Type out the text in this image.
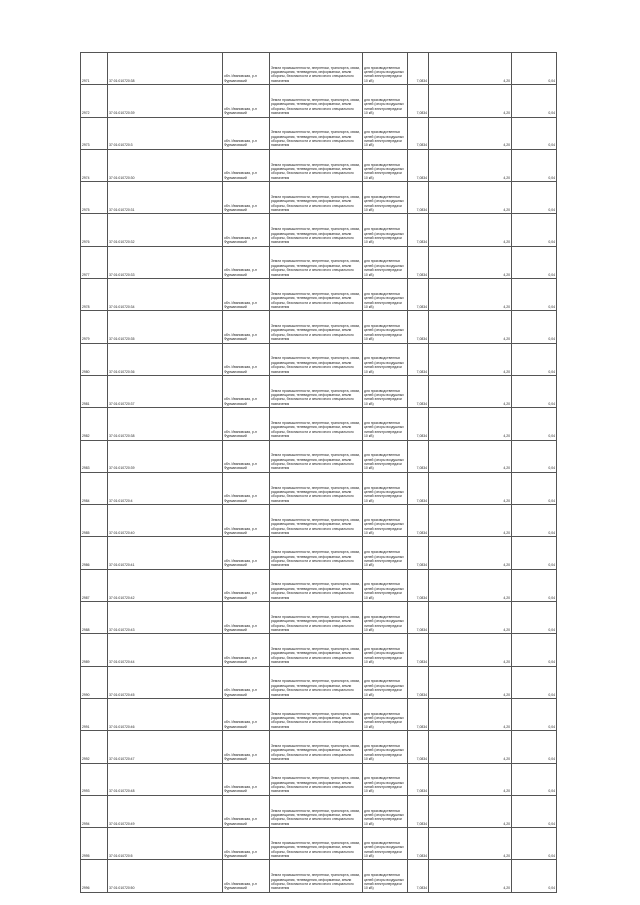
2971	37:01:010720:38	обл. Ивановская, р-н Фурмановский	Земли промышленности, энергетики, транспорта, связи, радиовещания, телевидения, информатики, земли обороны, безопасности и земли иного специального назначения	для производственных целей (опоры воздушных линий электропередачи 10 кВ)	7,0834	4,20	0,04

2972	37:01:010720:39	обл. Ивановская, р-н Фурмановский	Земли промышленности, энергетики, транспорта, связи, радиовещания, телевидения, информатики, земли обороны, безопасности и земли иного специального назначения	для производственных целей (опоры воздушных линий электропередачи 10 кВ)	7,0834	4,20	0,04

2973	37:01:010720:3	обл. Ивановская, р-н Фурмановский	Земли промышленности, энергетики, транспорта, связи, радиовещания, телевидения, информатики, земли обороны, безопасности и земли иного специального назначения	для производственных целей (опоры воздушных линий электропередачи 10 кВ)	7,0834	4,20	0,04

2974	37:01:010720:30	обл. Ивановская, р-н Фурмановский	Земли промышленности, энергетики, транспорта, связи, радиовещания, телевидения, информатики, земли обороны, безопасности и земли иного специального назначения	для производственных целей (опоры воздушных линий электропередачи 10 кВ)	7,0834	4,20	0,04

2975	37:01:010720:31	обл. Ивановская, р-н Фурмановский	Земли промышленности, энергетики, транспорта, связи, радиовещания, телевидения, информатики, земли обороны, безопасности и земли иного специального назначения	для производственных целей (опоры воздушных линий электропередачи 10 кВ)	7,0834	4,20	0,04

2976	37:01:010720:32	обл. Ивановская, р-н Фурмановский	Земли промышленности, энергетики, транспорта, связи, радиовещания, телевидения, информатики, земли обороны, безопасности и земли иного специального назначения	для производственных целей (опоры воздушных линий электропередачи 10 кВ)	7,0834	4,20	0,04

2977	37:01:010720:33	обл. Ивановская, р-н Фурмановский	Земли промышленности, энергетики, транспорта, связи, радиовещания, телевидения, информатики, земли обороны, безопасности и земли иного специального назначения	для производственных целей (опоры воздушных линий электропередачи 10 кВ)	7,0834	4,20	0,04

2978	37:01:010720:34	обл. Ивановская, р-н Фурмановский	Земли промышленности, энергетики, транспорта, связи, радиовещания, телевидения, информатики, земли обороны, безопасности и земли иного специального назначения	для производственных целей (опоры воздушных линий электропередачи 10 кВ)	7,0834	4,20	0,04

2979	37:01:010720:35	обл. Ивановская, р-н Фурмановский	Земли промышленности, энергетики, транспорта, связи, радиовещания, телевидения, информатики, земли обороны, безопасности и земли иного специального назначения	для производственных целей (опоры воздушных линий электропередачи 10 кВ)	7,0834	4,20	0,04

2980	37:01:010720:36	обл. Ивановская, р-н Фурмановский	Земли промышленности, энергетики, транспорта, связи, радиовещания, телевидения, информатики, земли обороны, безопасности и земли иного специального назначения	для производственных целей (опоры воздушных линий электропередачи 10 кВ)	7,0834	4,20	0,04

2981	37:01:010720:37	обл. Ивановская, р-н Фурмановский	Земли промышленности, энергетики, транспорта, связи, радиовещания, телевидения, информатики, земли обороны, безопасности и земли иного специального назначения	для производственных целей (опоры воздушных линий электропередачи 10 кВ)	7,0834	4,20	0,04

2982	37:01:010720:38	обл. Ивановская, р-н Фурмановский	Земли промышленности, энергетики, транспорта, связи, радиовещания, телевидения, информатики, земли обороны, безопасности и земли иного специального назначения	для производственных целей (опоры воздушных линий электропередачи 10 кВ)	7,0834	4,20	0,04

2983	37:01:010720:39	обл. Ивановская, р-н Фурмановский	Земли промышленности, энергетики, транспорта, связи, радиовещания, телевидения, информатики, земли обороны, безопасности и земли иного специального назначения	для производственных целей (опоры воздушных линий электропередачи 10 кВ)	7,0834	4,20	0,04

2984	37:01:010720:4	обл. Ивановская, р-н Фурмановский	Земли промышленности, энергетики, транспорта, связи, радиовещания, телевидения, информатики, земли обороны, безопасности и земли иного специального назначения	для производственных целей (опоры воздушных линий электропередачи 10 кВ)	7,0834	4,20	0,04

2985	37:01:010720:40	обл. Ивановская, р-н Фурмановский	Земли промышленности, энергетики, транспорта, связи, радиовещания, телевидения, информатики, земли обороны, безопасности и земли иного специального назначения	для производственных целей (опоры воздушных линий электропередачи 10 кВ)	7,0834	4,20	0,04

2986	37:01:010720:41	обл. Ивановская, р-н Фурмановский	Земли промышленности, энергетики, транспорта, связи, радиовещания, телевидения, информатики, земли обороны, безопасности и земли иного специального назначения	для производственных целей (опоры воздушных линий электропередачи 10 кВ)	7,0834	4,20	0,04

2987	37:01:010720:42	обл. Ивановская, р-н Фурмановский	Земли промышленности, энергетики, транспорта, связи, радиовещания, телевидения, информатики, земли обороны, безопасности и земли иного специального назначения	для производственных целей (опоры воздушных линий электропередачи 10 кВ)	7,0834	4,20	0,04

2988	37:01:010720:43	обл. Ивановская, р-н Фурмановский	Земли промышленности, энергетики, транспорта, связи, радиовещания, телевидения, информатики, земли обороны, безопасности и земли иного специального назначения	для производственных целей (опоры воздушных линий электропередачи 10 кВ)	7,0834	4,20	0,04

2989	37:01:010720:44	обл. Ивановская, р-н Фурмановский	Земли промышленности, энергетики, транспорта, связи, радиовещания, телевидения, информатики, земли обороны, безопасности и земли иного специального назначения	для производственных целей (опоры воздушных линий электропередачи 10 кВ)	7,0834	4,20	0,04

2990	37:01:010720:45	обл. Ивановская, р-н Фурмановский	Земли промышленности, энергетики, транспорта, связи, радиовещания, телевидения, информатики, земли обороны, безопасности и земли иного специального назначения	для производственных целей (опоры воздушных линий электропередачи 10 кВ)	7,0834	4,20	0,04

2991	37:01:010720:46	обл. Ивановская, р-н Фурмановский	Земли промышленности, энергетики, транспорта, связи, радиовещания, телевидения, информатики, земли обороны, безопасности и земли иного специального назначения	для производственных целей (опоры воздушных линий электропередачи 10 кВ)	7,0834	4,20	0,04

2992	37:01:010720:47	обл. Ивановская, р-н Фурмановский	Земли промышленности, энергетики, транспорта, связи, радиовещания, телевидения, информатики, земли обороны, безопасности и земли иного специального назначения	для производственных целей (опоры воздушных линий электропередачи 10 кВ)	7,0834	4,20	0,04

2993	37:01:010720:48	обл. Ивановская, р-н Фурмановский	Земли промышленности, энергетики, транспорта, связи, радиовещания, телевидения, информатики, земли обороны, безопасности и земли иного специального назначения	для производственных целей (опоры воздушных линий электропередачи 10 кВ)	7,0834	4,20	0,04

2994	37:01:010720:49	обл. Ивановская, р-н Фурмановский	Земли промышленности, энергетики, транспорта, связи, радиовещания, телевидения, информатики, земли обороны, безопасности и земли иного специального назначения	для производственных целей (опоры воздушных линий электропередачи 10 кВ)	7,0834	4,20	0,04

2995	37:01:010720:5	обл. Ивановская, р-н Фурмановский	Земли промышленности, энергетики, транспорта, связи, радиовещания, телевидения, информатики, земли обороны, безопасности и земли иного специального назначения	для производственных целей (опоры воздушных линий электропередачи 10 кВ)	7,0834	4,20	0,04

2996	37:01:010720:50	обл. Ивановская, р-н Фурмановский	Земли промышленности, энергетики, транспорта, связи, радиовещания, телевидения, информатики, земли обороны, безопасности и земли иного специального назначения	для производственных целей (опоры воздушных линий электропередачи 10 кВ)	7,0834	4,20	0,04
